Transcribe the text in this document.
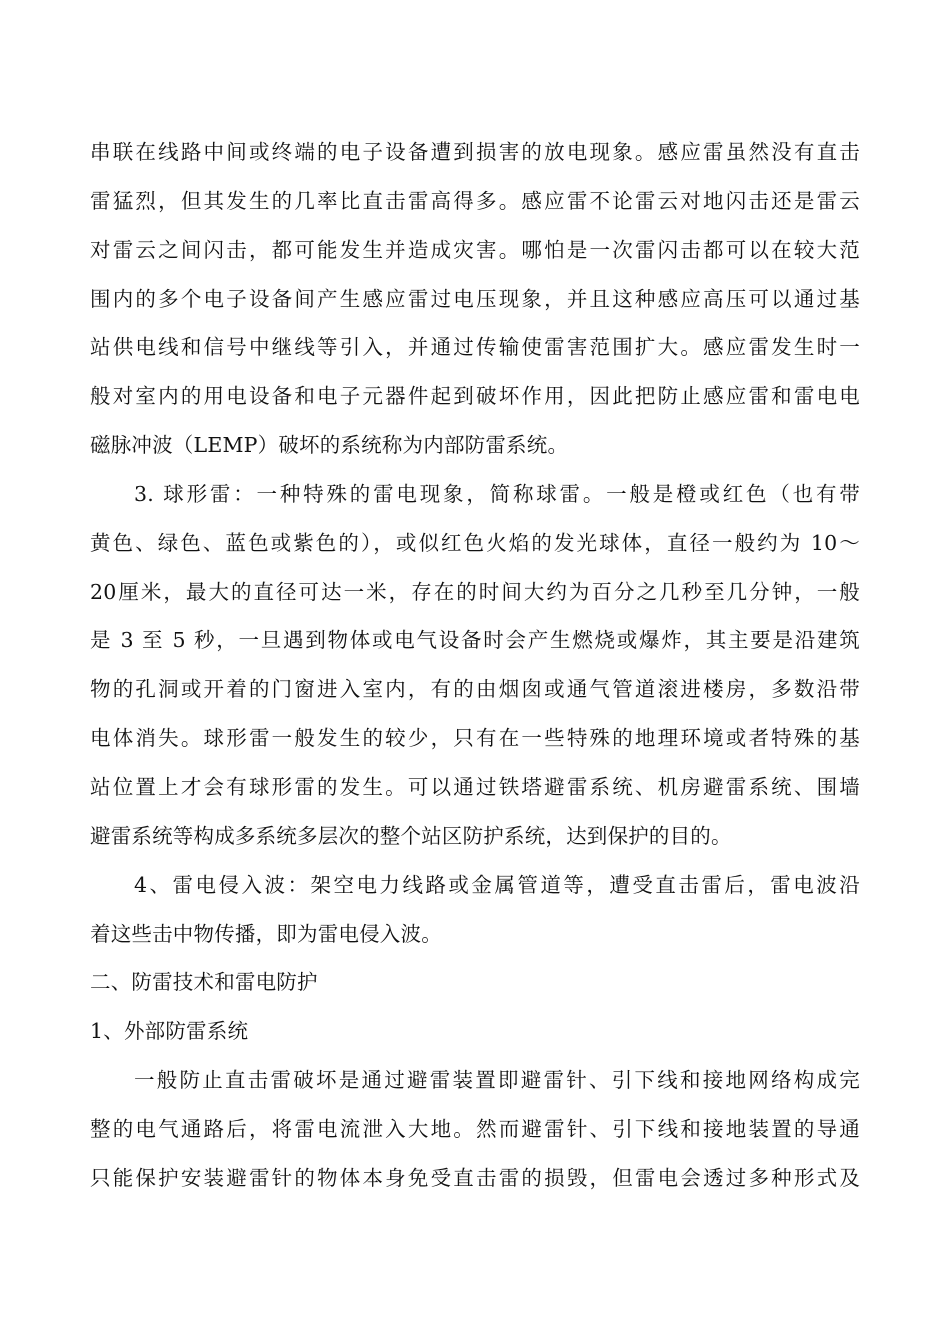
串联在线路中间或终端的电子设备遭到损害的放电现象。感应雷虽然没有直击
雷猛烈，但其发生的几率比直击雷高得多。感应雷不论雷云对地闪击还是雷云
对雷云之间闪击，都可能发生并造成灾害。哪怕是一次雷闪击都可以在较大范
围内的多个电子设备间产生感应雷过电压现象，并且这种感应高压可以通过基
站供电线和信号中继线等引入，并通过传输使雷害范围扩大。感应雷发生时一
般对室内的用电设备和电子元器件起到破坏作用，因此把防止感应雷和雷电电
磁脉冲波（LEMP）破坏的系统称为内部防雷系统。
3. 球形雷：一种特殊的雷电现象，简称球雷。一般是橙或红色（也有带
黄色、绿色、蓝色或紫色的），或似红色火焰的发光球体，直径一般约为 10～
20厘米，最大的直径可达一米，存在的时间大约为百分之几秒至几分钟，一般
是 3 至 5 秒，一旦遇到物体或电气设备时会产生燃烧或爆炸，其主要是沿建筑
物的孔洞或开着的门窗进入室内，有的由烟囱或通气管道滚进楼房，多数沿带
电体消失。球形雷一般发生的较少，只有在一些特殊的地理环境或者特殊的基
站位置上才会有球形雷的发生。可以通过铁塔避雷系统、机房避雷系统、围墙
避雷系统等构成多系统多层次的整个站区防护系统，达到保护的目的。
4、雷电侵入波：架空电力线路或金属管道等，遭受直击雷后，雷电波沿
着这些击中物传播，即为雷电侵入波。
二、防雷技术和雷电防护
1、外部防雷系统
一般防止直击雷破坏是通过避雷装置即避雷针、引下线和接地网络构成完
整的电气通路后，将雷电流泄入大地。然而避雷针、引下线和接地装置的导通
只能保护安装避雷针的物体本身免受直击雷的损毁，但雷电会透过多种形式及
